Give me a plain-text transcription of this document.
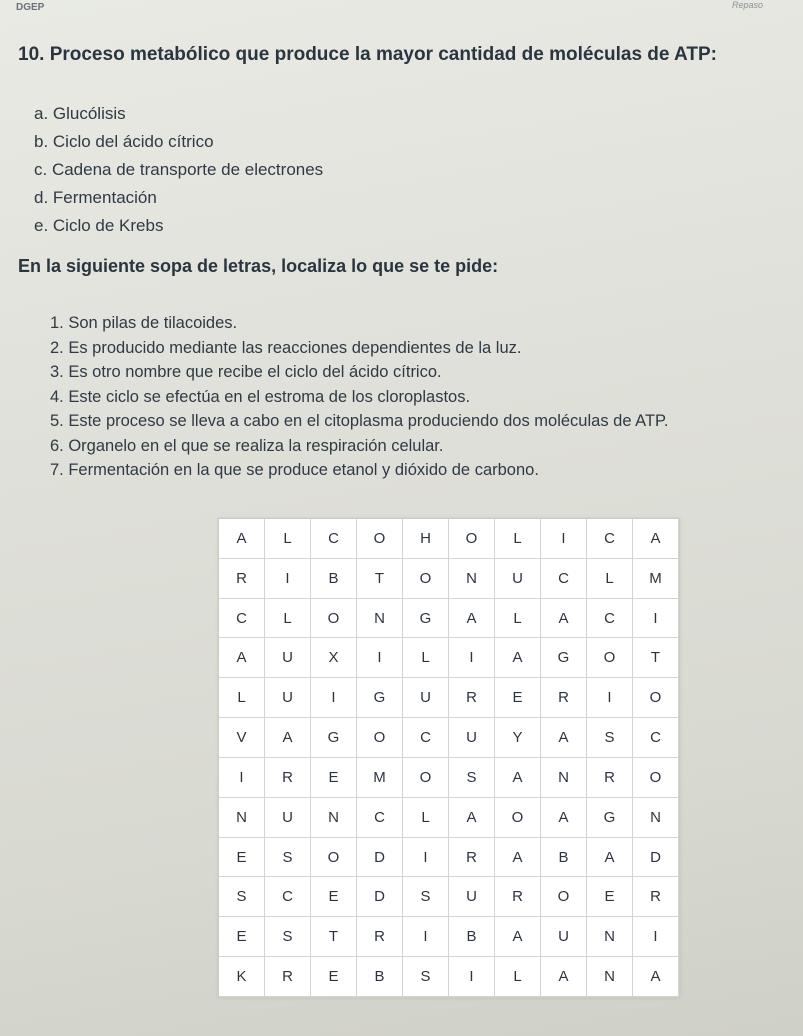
DGEP	Repaso
10. Proceso metabólico que produce la mayor cantidad de moléculas de ATP:
a. Glucólisis
b. Ciclo del ácido cítrico
c. Cadena de transporte de electrones
d. Fermentación
e. Ciclo de Krebs
En la siguiente sopa de letras, localiza lo que se te pide:
1. Son pilas de tilacoides.
2. Es producido mediante las reacciones dependientes de la luz.
3. Es otro nombre que recibe el ciclo del ácido cítrico.
4. Este ciclo se efectúa en el estroma de los cloroplastos.
5. Este proceso se lleva a cabo en el citoplasma produciendo dos moléculas de ATP.
6. Organelo en el que se realiza la respiración celular.
7. Fermentación en la que se produce etanol y dióxido de carbono.
A	L	C	O	H	O	L	I	C	A
R	I	B	T	O	N	U	C	L	M
C	L	O	N	G	A	L	A	C	I
A	U	X	I	L	I	A	G	O	T
L	U	I	G	U	R	E	R	I	O
V	A	G	O	C	U	Y	A	S	C
I	R	E	M	O	S	A	N	R	O
N	U	N	C	L	A	O	A	G	N
E	S	O	D	I	R	A	B	A	D
S	C	E	D	S	U	R	O	E	R
E	S	T	R	I	B	A	U	N	I
K	R	E	B	S	I	L	A	N	A
